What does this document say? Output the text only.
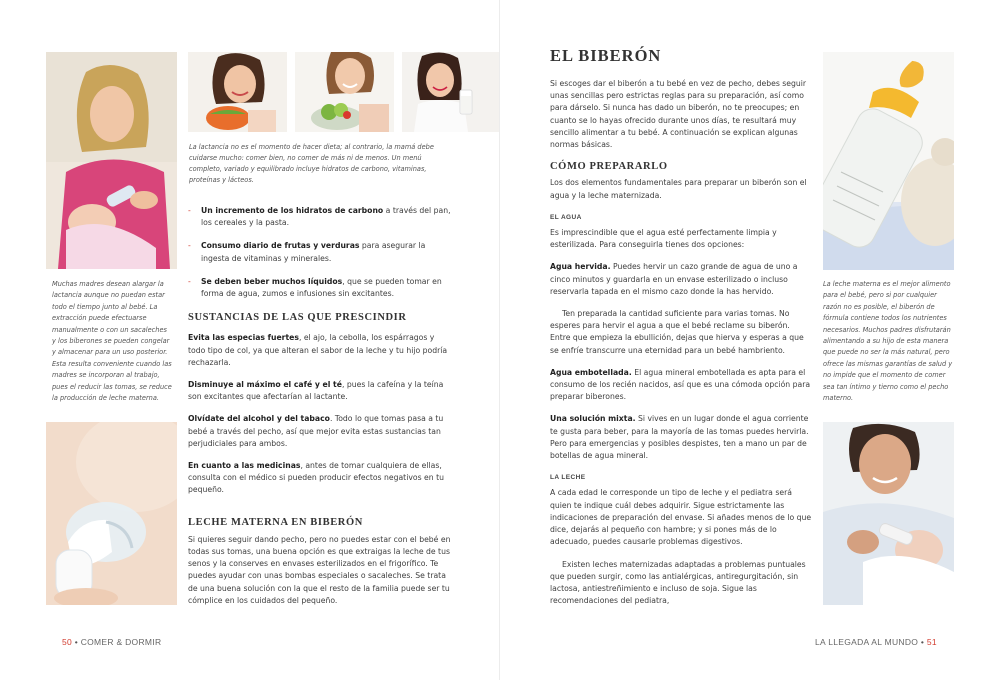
La lactancia no es el momento de hacer dieta; al contrario, la mamá debe cuidarse mucho: comer bien, no comer de más ni de menos. Un menú completo, variado y equilibrado incluye hidratos de carbono, vitaminas, proteínas y lácteos.

Muchas madres desean alargar la lactancia aunque no puedan estar todo el tiempo junto al bebé. La extracción puede efectuarse manualmente o con un sacaleches y los biberones se pueden congelar y almacenar para un uso posterior. Esta resulta conveniente cuando las madres se incorporan al trabajo, pues el reducir las tomas, se reduce la producción de leche materna.

- Un incremento de los hidratos de carbono a través del pan, los cereales y la pasta.
- Consumo diario de frutas y verduras para asegurar la ingesta de vitaminas y minerales.
- Se deben beber muchos líquidos, que se pueden tomar en forma de agua, zumos e infusiones sin excitantes.
SUSTANCIAS DE LAS QUE PRESCINDIR

Evita las especias fuertes, el ajo, la cebolla, los espárragos y todo tipo de col, ya que alteran el sabor de la leche y tu hijo podría rechazarla.

Disminuye al máximo el café y el té, pues la cafeína y la teína son excitantes que afectarían al lactante.

Olvídate del alcohol y del tabaco. Todo lo que tomas pasa a tu bebé a través del pecho, así que mejor evita estas sustancias tan perjudiciales para ambos.

En cuanto a las medicinas, antes de tomar cualquiera de ellas, consulta con el médico si pueden producir efectos negativos en tu pequeño.

LECHE MATERNA EN BIBERÓN

Si quieres seguir dando pecho, pero no puedes estar con el bebé en todas sus tomas, una buena opción es que extraigas la leche de tus senos y la conserves en envases esterilizados en el frigorífico. Te puedes ayudar con unas bombas especiales o sacaleches. Se trata de una buena solución con la que el resto de la familia puede ser tu cómplice en los cuidados del pequeño.

50 • COMER & DORMIR
EL BIBERÓN

Si escoges dar el biberón a tu bebé en vez de pecho, debes seguir unas sencillas pero estrictas reglas para su preparación, así como para dárselo. Si nunca has dado un biberón, no te preocupes; en cuanto se lo hayas ofrecido durante unos días, te resultará muy sencillo alimentar a tu bebé. A continuación se explican algunas normas básicas.

CÓMO PREPARARLO

Los dos elementos fundamentales para preparar un biberón son el agua y la leche maternizada.

EL AGUA

Es imprescindible que el agua esté perfectamente limpia y esterilizada. Para conseguirla tienes dos opciones:

Agua hervida. Puedes hervir un cazo grande de agua de uno a cinco minutos y guardarla en un envase esterilizado o incluso reservarla tapada en el mismo cazo donde la has hervido.

Ten preparada la cantidad suficiente para varias tomas. No esperes para hervir el agua a que el bebé reclame su biberón. Entre que empieza la ebullición, dejas que hierva y esperas a que se enfríe transcurre una eternidad para un bebé hambriento.

Agua embotellada. El agua mineral embotellada es apta para el consumo de los recién nacidos, así que es una cómoda opción para preparar biberones.

Una solución mixta. Si vives en un lugar donde el agua corriente te gusta para beber, para la mayoría de las tomas puedes hervirla. Pero para emergencias y posibles despistes, ten a mano un par de botellas de agua mineral.

LA LECHE

A cada edad le corresponde un tipo de leche y el pediatra será quien te indique cuál debes adquirir. Sigue estrictamente las indicaciones de preparación del envase. Si añades menos de lo que dice, dejarás al pequeño con hambre; y si pones más de lo adecuado, puedes causarle problemas digestivos.

Existen leches maternizadas adaptadas a problemas puntuales que pueden surgir, como las antialérgicas, antiregurgitación, sin lactosa, antiestreñimiento e incluso de soja. Sigue las recomendaciones del pediatra,

La leche materna es el mejor alimento para el bebé, pero si por cualquier razón no es posible, el biberón de fórmula contiene todos los nutrientes necesarios. Muchos padres disfrutarán alimentando a su hijo de esta manera que puede no ser la más natural, pero ofrece las mismas garantías de salud y no impide que el momento de comer sea tan íntimo y tierno como el pecho materno.

LA LLEGADA AL MUNDO • 51
